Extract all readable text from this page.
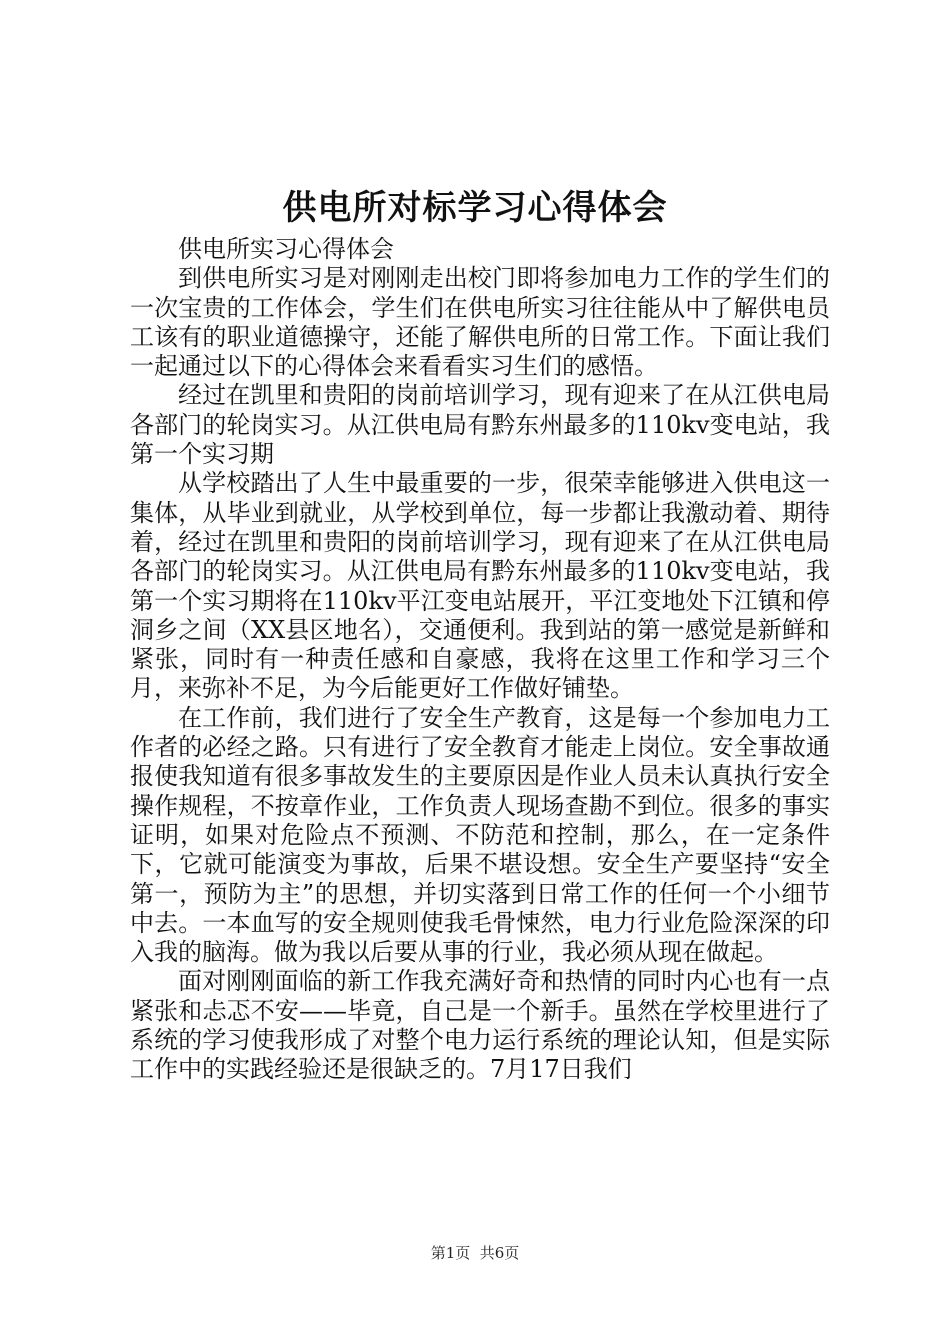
供电所对标学习心得体会

供电所实习心得体会

到供电所实习是对刚刚走出校门即将参加电力工作的学生们的一次宝贵的工作体会，学生们在供电所实习往往能从中了解供电员工该有的职业道德操守，还能了解供电所的日常工作。下面让我们一起通过以下的心得体会来看看实习生们的感悟。

经过在凯里和贵阳的岗前培训学习，现有迎来了在从江供电局各部门的轮岗实习。从江供电局有黔东州最多的110kv变电站，我第一个实习期

从学校踏出了人生中最重要的一步，很荣幸能够进入供电这一集体，从毕业到就业，从学校到单位，每一步都让我激动着、期待着，经过在凯里和贵阳的岗前培训学习，现有迎来了在从江供电局各部门的轮岗实习。从江供电局有黔东州最多的110kv变电站，我第一个实习期将在110kv平江变电站展开，平江变地处下江镇和停洞乡之间（XX县区地名），交通便利。我到站的第一感觉是新鲜和紧张，同时有一种责任感和自豪感，我将在这里工作和学习三个月，来弥补不足，为今后能更好工作做好铺垫。

在工作前，我们进行了安全生产教育，这是每一个参加电力工作者的必经之路。只有进行了安全教育才能走上岗位。安全事故通报使我知道有很多事故发生的主要原因是作业人员未认真执行安全操作规程，不按章作业，工作负责人现场查勘不到位。很多的事实证明，如果对危险点不预测、不防范和控制，那么，在一定条件下，它就可能演变为事故，后果不堪设想。安全生产要坚持“安全第一，预防为主”的思想，并切实落到日常工作的任何一个小细节中去。一本血写的安全规则使我毛骨悚然，电力行业危险深深的印入我的脑海。做为我以后要从事的行业，我必须从现在做起。

面对刚刚面临的新工作我充满好奇和热情的同时内心也有一点紧张和忐忑不安——毕竟，自己是一个新手。虽然在学校里进行了系统的学习使我形成了对整个电力运行系统的理论认知，但是实际工作中的实践经验还是很缺乏的。7月17日我们

第1页  共6页
